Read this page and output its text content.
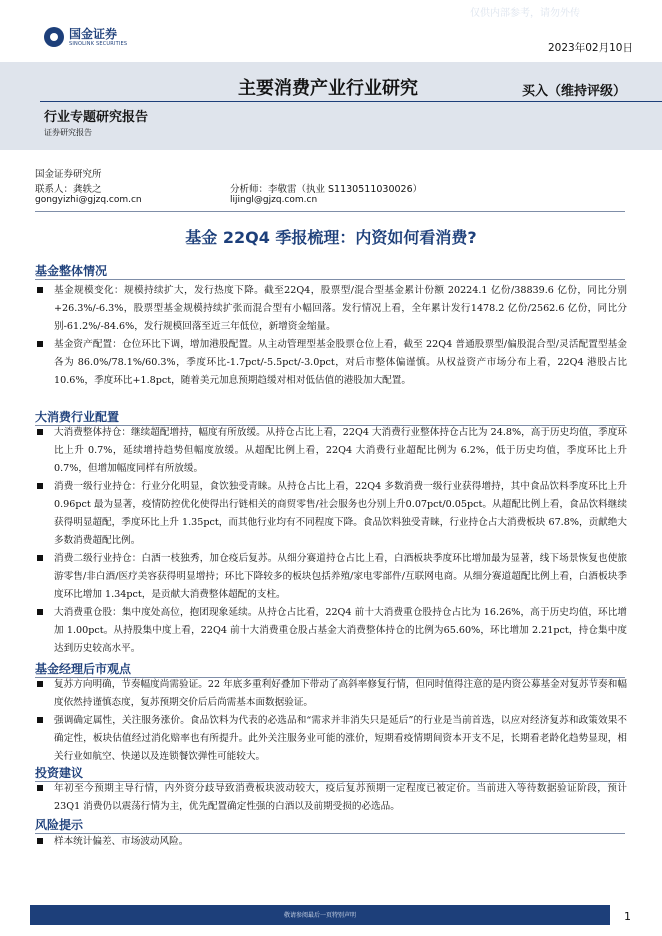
仅供内部参考，请勿外传
国金证券
SINOLINK SECURITIES	2023年02月10日
主要消费产业行业研究	买入（维持评级）
行业专题研究报告
证券研究报告
国金证券研究所
联系人：龚轶之
gongyizhi@gjzq.com.cn
分析师：李敬雷（执业 S1130511030026）
lijingl@gjzq.com.cn
基金 22Q4 季报梳理：内资如何看消费?
基金整体情况
基金规模变化：规模持续扩大，发行热度下降。截至22Q4，股票型/混合型基金累计份额 20224.1 亿份/38839.6 亿份，同比分别+26.3%/-6.3%，股票型基金规模持续扩张而混合型有小幅回落。发行情况上看，全年累计发行1478.2 亿份/2562.6 亿份，同比分别-61.2%/-84.6%，发行规模回落至近三年低位，新增资金缩量。
基金资产配置：仓位环比下调，增加港股配置。从主动管理型基金股票仓位上看，截至 22Q4 普通股票型/偏股混合型/灵活配置型基金各为 86.0%/78.1%/60.3%，季度环比-1.7pct/-5.5pct/-3.0pct，对后市整体偏谨慎。从权益资产市场分布上看，22Q4 港股占比 10.6%，季度环比+1.8pct，随着美元加息预期趋缓对相对低估值的港股加大配置。
大消费行业配置
大消费整体持仓：继续超配增持，幅度有所放缓。从持仓占比上看，22Q4 大消费行业整体持仓占比为 24.8%，高于历史均值，季度环比上升 0.7%，延续增持趋势但幅度放缓。从超配比例上看，22Q4 大消费行业超配比例为 6.2%，低于历史均值，季度环比上升 0.7%，但增加幅度同样有所放缓。
消费一级行业持仓：行业分化明显，食饮独受青睐。从持仓占比上看，22Q4 多数消费一级行业获得增持，其中食品饮料季度环比上升 0.96pct 最为显著，疫情防控优化使得出行链相关的商贸零售/社会服务也分别上升0.07pct/0.05pct。从超配比例上看，食品饮料继续获得明显超配，季度环比上升 1.35pct，而其他行业均有不同程度下降。食品饮料独受青睐，行业持仓占大消费板块 67.8%，贡献绝大多数消费超配比例。
消费二级行业持仓：白酒一枝独秀，加仓疫后复苏。从细分赛道持仓占比上看，白酒板块季度环比增加最为显著，线下场景恢复也使旅游零售/非白酒/医疗美容获得明显增持；环比下降较多的板块包括养殖/家电零部件/互联网电商。从细分赛道超配比例上看，白酒板块季度环比增加 1.34pct，是贡献大消费整体超配的支柱。
大消费重仓股：集中度处高位，抱团现象延续。从持仓占比看，22Q4 前十大消费重仓股持仓占比为 16.26%，高于历史均值，环比增加 1.00pct。从持股集中度上看，22Q4 前十大消费重仓股占基金大消费整体持仓的比例为65.60%，环比增加 2.21pct，持仓集中度达到历史较高水平。
基金经理后市观点
复苏方向明确，节奏幅度尚需验证。22 年底多重利好叠加下带动了高斜率修复行情，但同时值得注意的是内资公募基金对复苏节奏和幅度依然持谨慎态度，复苏预期交价后后尚需基本面数据验证。
强调确定属性，关注服务涨价。食品饮料为代表的必选品和“需求并非消失只是延后”的行业是当前首选，以应对经济复苏和政策效果不确定性，板块估值经过消化赔率也有所提升。此外关注服务业可能的涨价，短期看疫情期间资本开支不足，长期看老龄化趋势显现，相关行业如航空、快递以及连锁餐饮弹性可能较大。
投资建议
年初至今预期主导行情，内外资分歧导致消费板块波动较大，疫后复苏预期一定程度已被定价。当前进入等待数据验证阶段，预计 23Q1 消费仍以震荡行情为主，优先配置确定性强的白酒以及前期受损的必选品。
风险提示
样本统计偏差、市场波动风险。
敬请参阅最后一页特别声明	1
